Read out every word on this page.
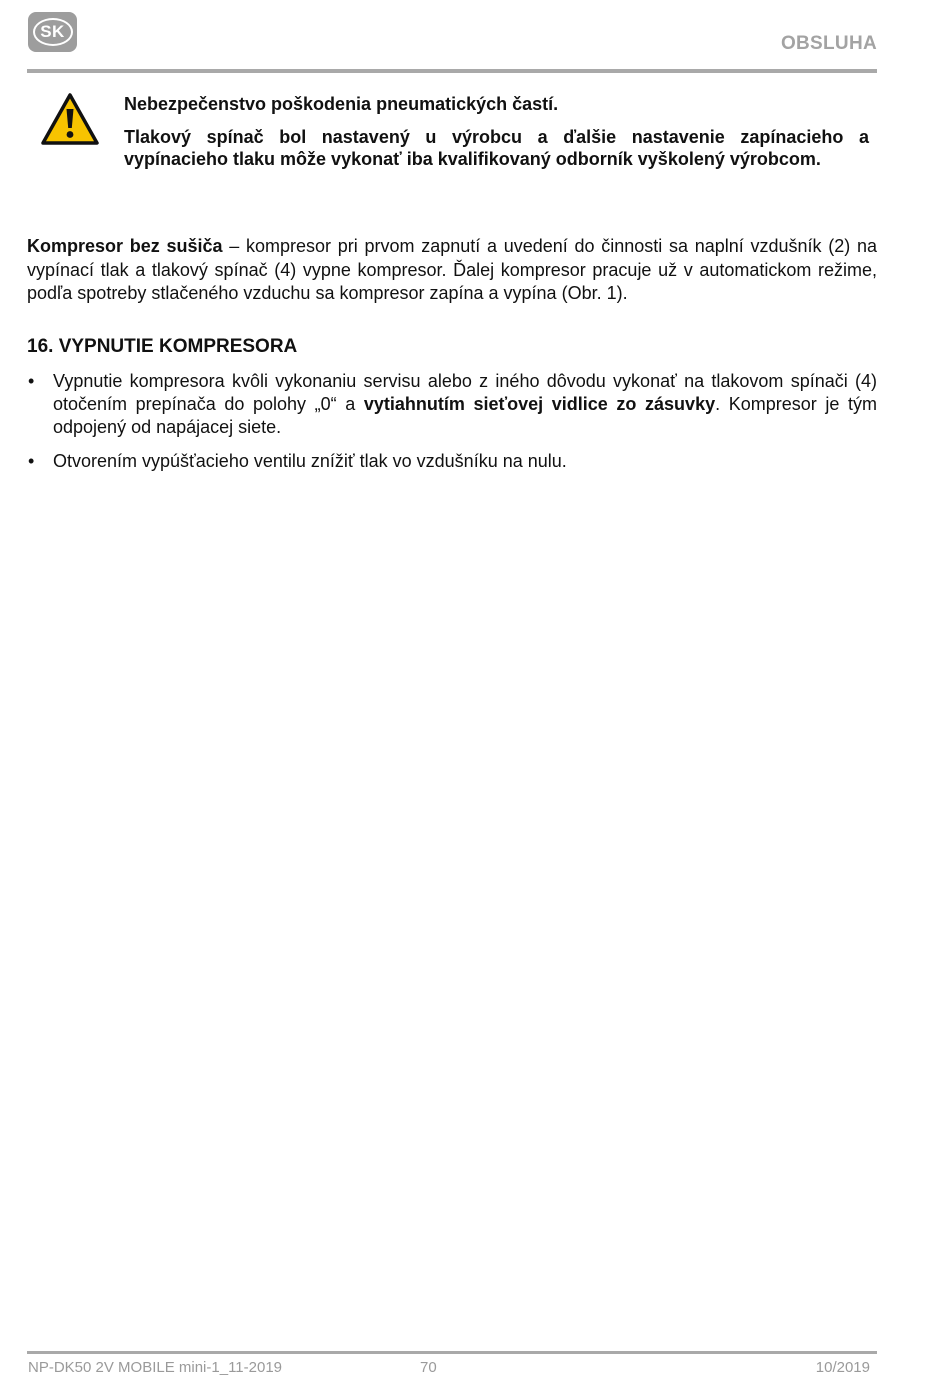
SK
OBSLUHA

Nebezpečenstvo poškodenia pneumatických častí.

Tlakový spínač bol nastavený u výrobcu a ďalšie nastavenie zapínacieho a vypínacieho tlaku môže vykonať iba kvalifikovaný odborník vyškolený výrobcom.

Kompresor bez sušiča – kompresor pri prvom zapnutí a uvedení do činnosti sa naplní vzdušník (2) na vypínací tlak a tlakový spínač (4) vypne kompresor. Ďalej kompresor pracuje už v automatickom režime, podľa spotreby stlačeného vzduchu sa kompresor zapína a vypína (Obr. 1).

16. VYPNUTIE KOMPRESORA
• Vypnutie kompresora kvôli vykonaniu servisu alebo z iného dôvodu vykonať na tlakovom spínači (4) otočením prepínača do polohy „0“ a vytiahnutím sieťovej vidlice zo zásuvky. Kompresor je tým odpojený od napájacej siete.
• Otvorením vypúšťacieho ventilu znížiť tlak vo vzdušníku na nulu.
NP-DK50 2V MOBILE mini-1_11-2019	70	10/2019
